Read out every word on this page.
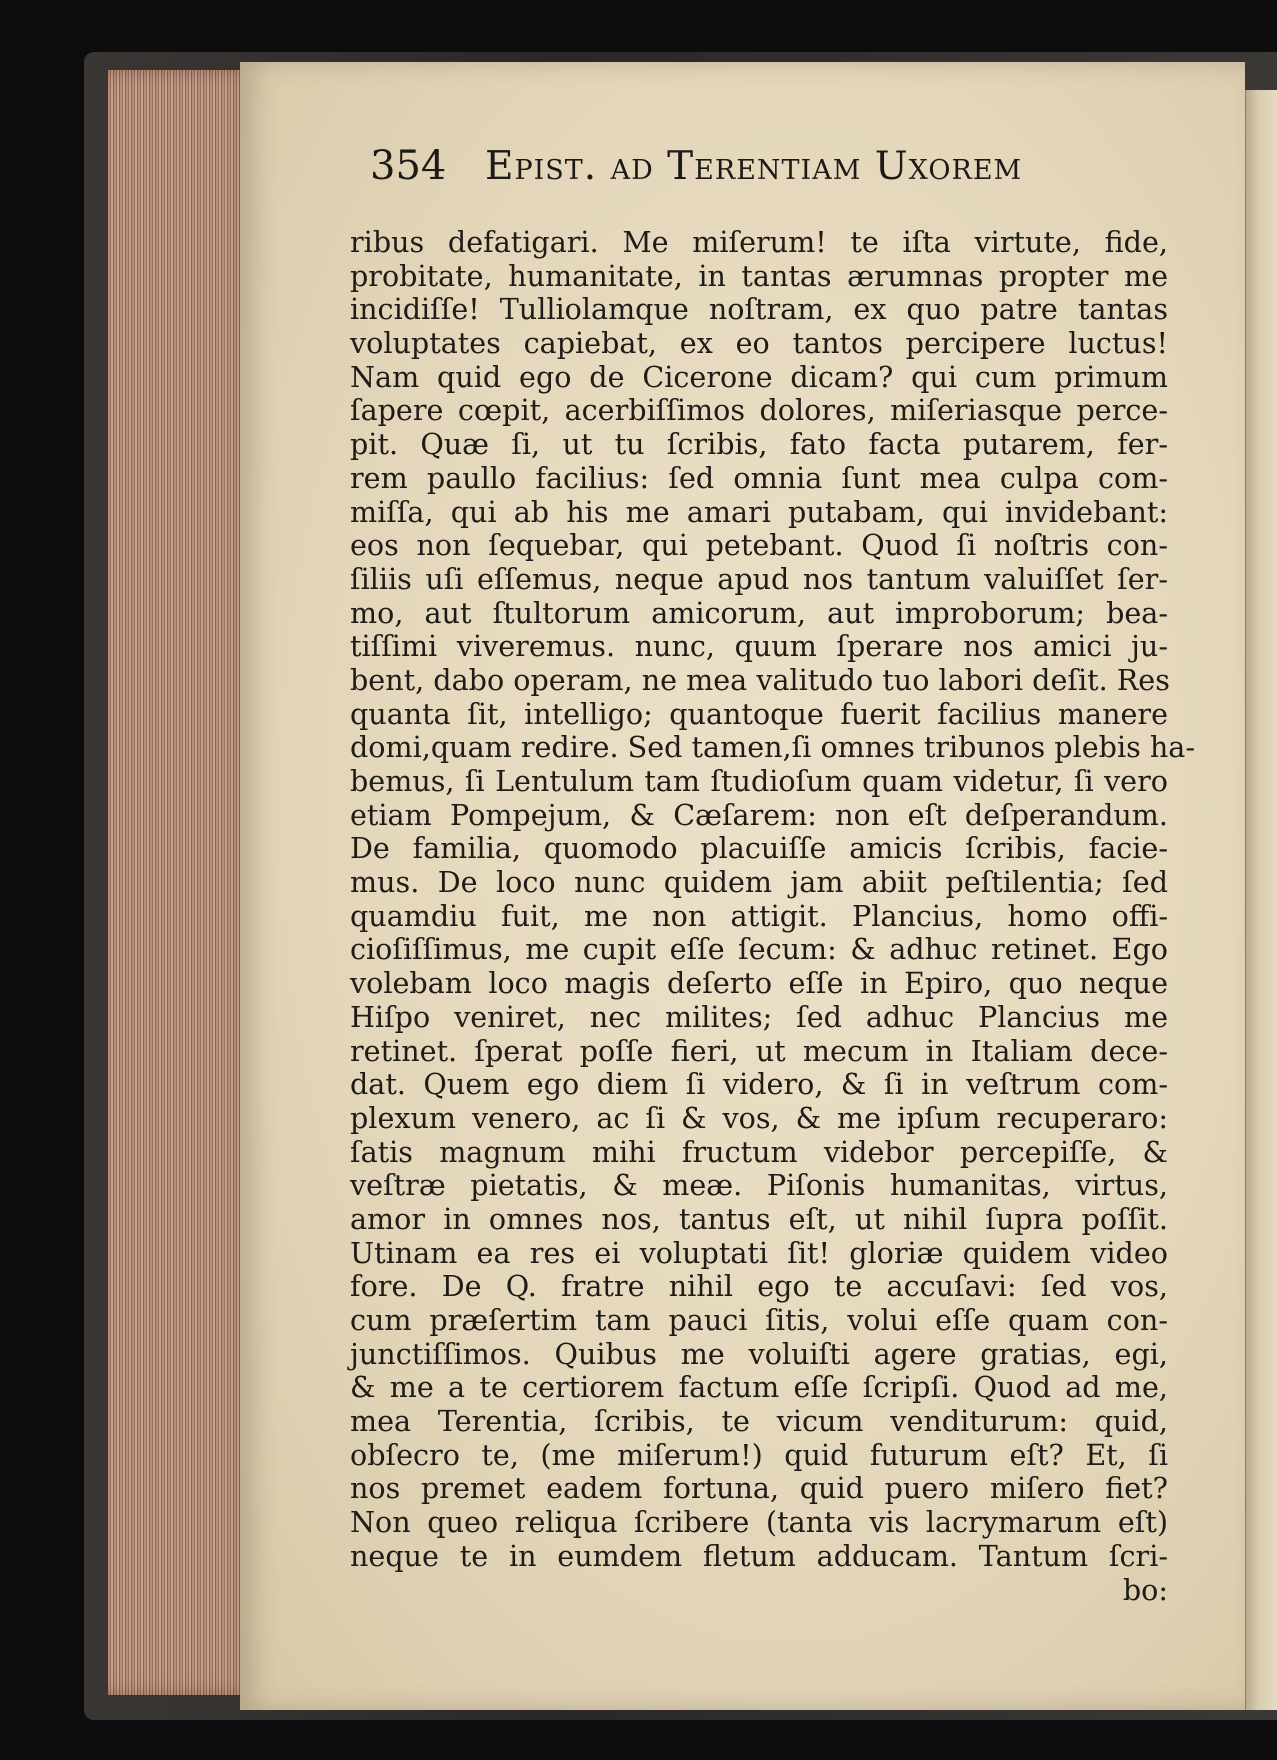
354 Epist. ad Terentiam Uxorem
ribus defatigari. Me miſerum! te iſta virtute, fide,
probitate, humanitate, in tantas ærumnas propter me
incidiſſe! Tulliolamque noſtram, ex quo patre tantas
voluptates capiebat, ex eo tantos percipere luctus!
Nam quid ego de Cicerone dicam? qui cum primum
ſapere cœpit, acerbiſſimos dolores, miſeriasque perce-
pit. Quæ ſi, ut tu ſcribis, fato facta putarem, fer-
rem paullo facilius: ſed omnia ſunt mea culpa com-
miſſa, qui ab his me amari putabam, qui invidebant:
eos non ſequebar, qui petebant. Quod ſi noſtris con-
ſiliis uſi eſſemus, neque apud nos tantum valuiſſet ſer-
mo, aut ſtultorum amicorum, aut improborum; bea-
tiſſimi viveremus. nunc, quum ſperare nos amici ju-
bent, dabo operam, ne mea valitudo tuo labori deſit. Res
quanta ſit, intelligo; quantoque fuerit facilius manere
domi,quam redire. Sed tamen,ſi omnes tribunos plebis ha-
bemus, ſi Lentulum tam ſtudioſum quam videtur, ſi vero
etiam Pompejum, & Cæſarem: non eſt deſperandum.
De familia, quomodo placuiſſe amicis ſcribis, facie-
mus. De loco nunc quidem jam abiit peſtilentia; ſed
quamdiu fuit, me non attigit. Plancius, homo offi-
cioſiſſimus, me cupit eſſe ſecum: & adhuc retinet. Ego
volebam loco magis deſerto eſſe in Epiro, quo neque
Hiſpo veniret, nec milites; ſed adhuc Plancius me
retinet. ſperat poſſe fieri, ut mecum in Italiam dece-
dat. Quem ego diem ſi videro, & ſi in veſtrum com-
plexum venero, ac ſi & vos, & me ipſum recuperaro:
ſatis magnum mihi fructum videbor percepiſſe, &
veſtræ pietatis, & meæ. Piſonis humanitas, virtus,
amor in omnes nos, tantus eſt, ut nihil ſupra poſſit.
Utinam ea res ei voluptati ſit! gloriæ quidem video
fore. De Q. fratre nihil ego te accuſavi: ſed vos,
cum præſertim tam pauci ſitis, volui eſſe quam con-
junctiſſimos. Quibus me voluiſti agere gratias, egi,
& me a te certiorem factum eſſe ſcripſi. Quod ad me,
mea Terentia, ſcribis, te vicum venditurum: quid,
obſecro te, (me miſerum!) quid futurum eſt? Et, ſi
nos premet eadem fortuna, quid puero miſero fiet?
Non queo reliqua ſcribere (tanta vis lacrymarum eſt)
neque te in eumdem fletum adducam. Tantum ſcri-
bo:
